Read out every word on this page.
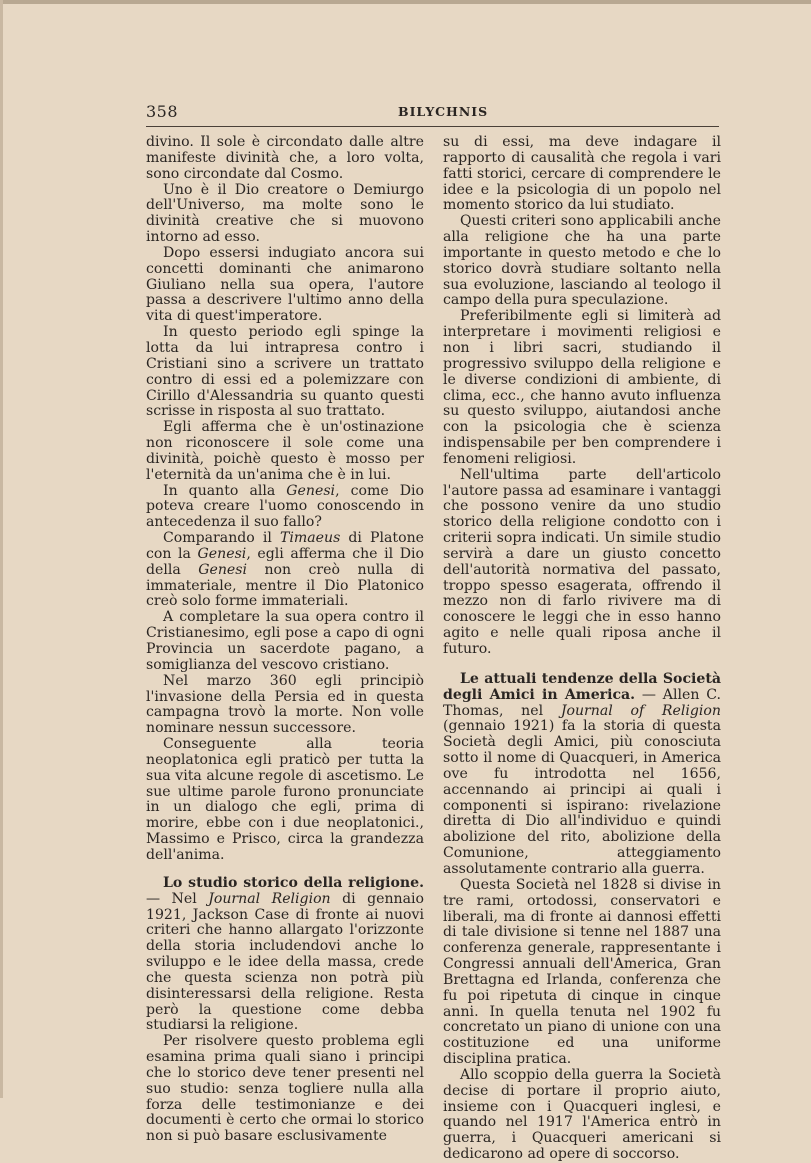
358	BILYCHNIS

divino. Il sole è circondato dalle altre manifeste divinità che, a loro volta, sono circondate dal Cosmo.

Uno è il Dio creatore o Demiurgo dell'Universo, ma molte sono le divinità creative che si muovono intorno ad esso.

Dopo essersi indugiato ancora sui concetti dominanti che animarono Giuliano nella sua opera, l'autore passa a descrivere l'ultimo anno della vita di quest'imperatore.

In questo periodo egli spinge la lotta da lui intrapresa contro i Cristiani sino a scrivere un trattato contro di essi ed a polemizzare con Cirillo d'Alessandria su quanto questi scrisse in risposta al suo trattato.

Egli afferma che è un'ostinazione non riconoscere il sole come una divinità, poichè questo è mosso per l'eternità da un'anima che è in lui.

In quanto alla Genesi, come Dio poteva creare l'uomo conoscendo in antecedenza il suo fallo?

Comparando il Timaeus di Platone con la Genesi, egli afferma che il Dio della Genesi non creò nulla di immateriale, mentre il Dio Platonico creò solo forme immateriali.

A completare la sua opera contro il Cristianesimo, egli pose a capo di ogni Provincia un sacerdote pagano, a somiglianza del vescovo cristiano.

Nel marzo 360 egli principiò l'invasione della Persia ed in questa campagna trovò la morte. Non volle nominare nessun successore.

Conseguente alla teoria neoplatonica egli praticò per tutta la sua vita alcune regole di ascetismo. Le sue ultime parole furono pronunciate in un dialogo che egli, prima di morire, ebbe con i due neoplatonici., Massimo e Prisco, circa la grandezza dell'anima.

Lo studio storico della religione. — Nel Journal Religion di gennaio 1921, Jackson Case di fronte ai nuovi criteri che hanno allargato l'orizzonte della storia includendovi anche lo sviluppo e le idee della massa, crede che questa scienza non potrà più disinteressarsi della religione. Resta però la questione come debba studiarsi la religione.

Per risolvere questo problema egli esamina prima quali siano i principi che lo storico deve tener presenti nel suo studio: senza togliere nulla alla forza delle testimonianze e dei documenti è certo che ormai lo storico non si può basare esclusivamente

su di essi, ma deve indagare il rapporto di causalità che regola i vari fatti storici, cercare di comprendere le idee e la psicologia di un popolo nel momento storico da lui studiato.

Questi criteri sono applicabili anche alla religione che ha una parte importante in questo metodo e che lo storico dovrà studiare soltanto nella sua evoluzione, lasciando al teologo il campo della pura speculazione.

Preferibilmente egli si limiterà ad interpretare i movimenti religiosi e non i libri sacri, studiando il progressivo sviluppo della religione e le diverse condizioni di ambiente, di clima, ecc., che hanno avuto influenza su questo sviluppo, aiutandosi anche con la psicologia che è scienza indispensabile per ben comprendere i fenomeni religiosi.

Nell'ultima parte dell'articolo l'autore passa ad esaminare i vantaggi che possono venire da uno studio storico della religione condotto con i criterii sopra indicati. Un simile studio servirà a dare un giusto concetto dell'autorità normativa del passato, troppo spesso esagerata, offrendo il mezzo non di farlo rivivere ma di conoscere le leggi che in esso hanno agito e nelle quali riposa anche il futuro.

Le attuali tendenze della Società degli Amici in America. — Allen C. Thomas, nel Journal of Religion (gennaio 1921) fa la storia di questa Società degli Amici, più conosciuta sotto il nome di Quacqueri, in America ove fu introdotta nel 1656, accennando ai principi ai quali i componenti si ispirano: rivelazione diretta di Dio all'individuo e quindi abolizione del rito, abolizione della Comunione, atteggiamento assolutamente contrario alla guerra.

Questa Società nel 1828 si divise in tre rami, ortodossi, conservatori e liberali, ma di fronte ai dannosi effetti di tale divisione si tenne nel 1887 una conferenza generale, rappresentante i Congressi annuali dell'America, Gran Brettagna ed Irlanda, conferenza che fu poi ripetuta di cinque in cinque anni. In quella tenuta nel 1902 fu concretato un piano di unione con una costituzione ed una uniforme disciplina pratica.

Allo scoppio della guerra la Società decise di portare il proprio aiuto, insieme con i Quacqueri inglesi, e quando nel 1917 l'America entrò in guerra, i Quacqueri americani si dedicarono ad opere di soccorso.
